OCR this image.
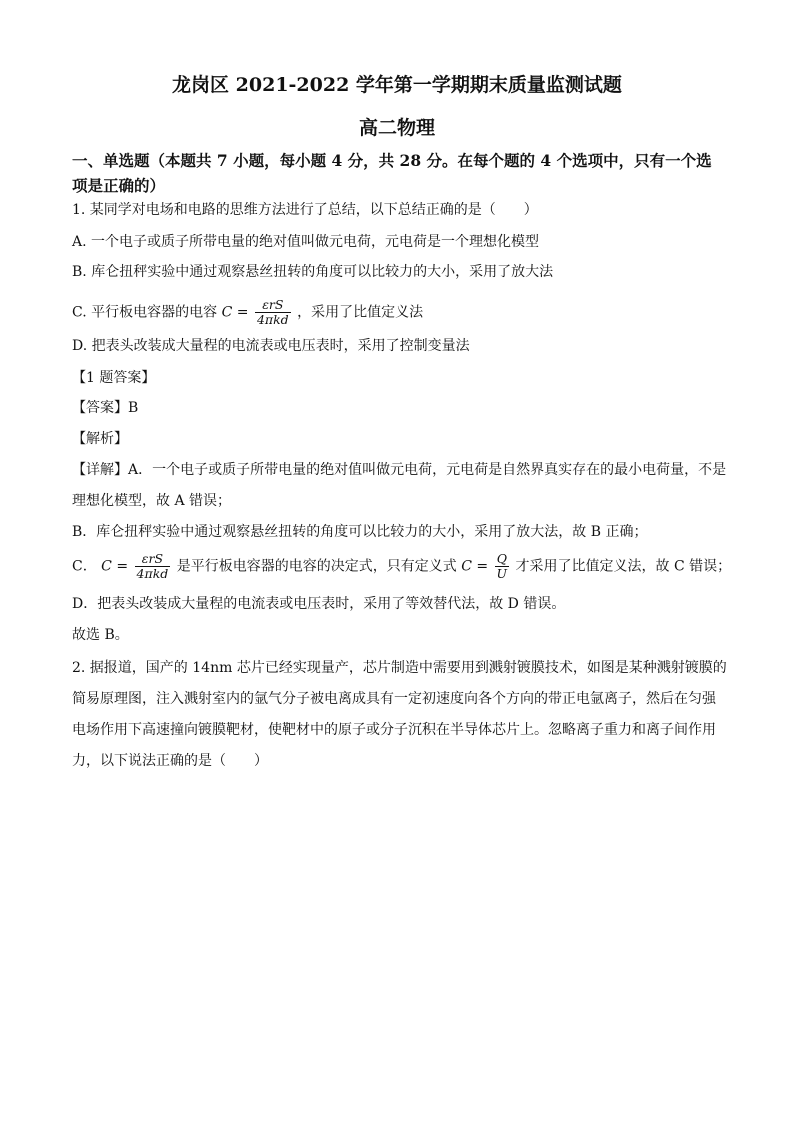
龙岗区 2021-2022 学年第一学期期末质量监测试题
高二物理
一、单选题（本题共 7 小题，每小题 4 分，共 28 分。在每个题的 4 个选项中，只有一个选
项是正确的）
1. 某同学对电场和电路的思维方法进行了总结，以下总结正确的是（　　）
A. 一个电子或质子所带电量的绝对值叫做元电荷，元电荷是一个理想化模型
B. 库仑扭秤实验中通过观察悬丝扭转的角度可以比较力的大小，采用了放大法
C. 平行板电容器的电容 $C = \frac{\text{εrS}}{\text{4πkd}}$ ，采用了比值定义法
D. 把表头改装成大量程的电流表或电压表时，采用了控制变量法
【1 题答案】
【答案】B
【解析】
【详解】A．一个电子或质子所带电量的绝对值叫做元电荷，元电荷是自然界真实存在的最小电荷量，不是
理想化模型，故 A 错误；
B．库仑扭秤实验中通过观察悬丝扭转的角度可以比较力的大小，采用了放大法，故 B 正确；
C． $C = \frac{\text{εrS}}{\text{4πkd}}$ 是平行板电容器的电容的决定式，只有定义式 $C = \frac{Q}{U}$ 才采用了比值定义法，故 C 错误；
D．把表头改装成大量程的电流表或电压表时，采用了等效替代法，故 D 错误。
故选 B。
2. 据报道，国产的 14nm 芯片已经实现量产，芯片制造中需要用到溅射镀膜技术，如图是某种溅射镀膜的
简易原理图，注入溅射室内的氩气分子被电离成具有一定初速度向各个方向的带正电氩离子，然后在匀强
电场作用下高速撞向镀膜靶材，使靶材中的原子或分子沉积在半导体芯片上。忽略离子重力和离子间作用
力，以下说法正确的是（　　）
